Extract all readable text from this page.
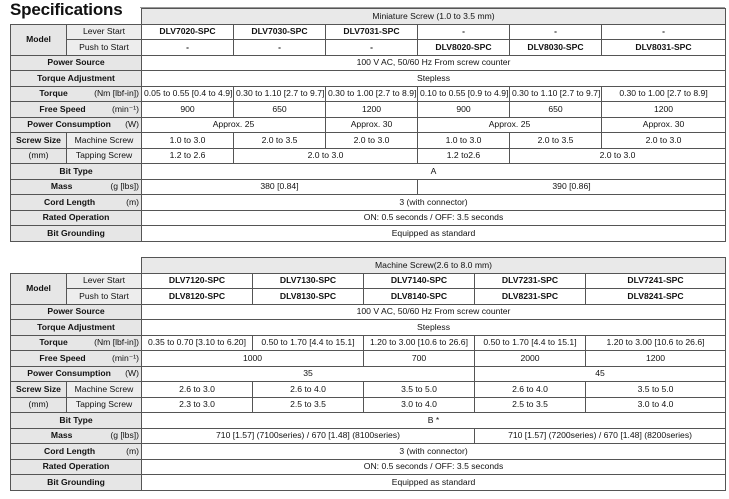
Specifications
		Miniature Screw (1.0 to 3.5 mm)					
Model	Lever Start	DLV7020-SPC	DLV7030-SPC	DLV7031-SPC	-	-	-
	Push to Start	-	-	-	DLV8020-SPC	DLV8030-SPC	DLV8031-SPC
Power Source		100 V AC, 50/60 Hz From screw counter					
Torque Adjustment		Stepless					
Torque (Nm [lbf-in])		0.05 to 0.55 [0.4 to 4.9]	0.30 to 1.10 [2.7 to 9.7]	0.30 to 1.00 [2.7 to 8.9]	0.10 to 0.55 [0.9 to 4.9]	0.30 to 1.10 [2.7 to 9.7]	0.30 to 1.00 [2.7 to 8.9]
Free Speed (min⁻¹)		900	650	1200	900	650	1200
Power Consumption (W)		Approx. 25		Approx. 30	Approx. 25		Approx. 30
Screw Size	Machine Screw	1.0 to 3.0	2.0 to 3.5	2.0 to 3.0	1.0 to 3.0	2.0 to 3.5	2.0 to 3.0
(mm)	Tapping Screw	1.2 to 2.6	2.0 to 3.0		1.2 to2.6	2.0 to 3.0	
Bit Type		A					
Mass (g [lbs])		380 [0.84]			390 [0.86]		
Cord Length (m)		3 (with connector)					
Rated Operation		ON: 0.5 seconds / OFF: 3.5 seconds					
Bit Grounding		Equipped as standard					
		Machine Screw(2.6 to 8.0 mm)				
Model	Lever Start	DLV7120-SPC	DLV7130-SPC	DLV7140-SPC	DLV7231-SPC	DLV7241-SPC
	Push to Start	DLV8120-SPC	DLV8130-SPC	DLV8140-SPC	DLV8231-SPC	DLV8241-SPC
Power Source		100 V AC, 50/60 Hz From screw counter				
Torque Adjustment		Stepless				
Torque (Nm [lbf-in])		0.35 to 0.70 [3.10 to 6.20]	0.50 to 1.70 [4.4 to 15.1]	1.20 to 3.00 [10.6 to 26.6]	0.50 to 1.70 [4.4 to 15.1]	1.20 to 3.00 [10.6 to 26.6]
Free Speed (min⁻¹)		1000		700	2000	1200
Power Consumption (W)		35			45	
Screw Size	Machine Screw	2.6 to 3.0	2.6 to 4.0	3.5 to 5.0	2.6 to 4.0	3.5 to 5.0
(mm)	Tapping Screw	2.3 to 3.0	2.5 to 3.5	3.0 to 4.0	2.5 to 3.5	3.0 to 4.0
Bit Type		B *				
Mass (g [lbs])		710 [1.57] (7100series) / 670 [1.48] (8100series)			710 [1.57] (7200series) / 670 [1.48] (8200series)	
Cord Length (m)		3 (with connector)				
Rated Operation		ON: 0.5 seconds / OFF: 3.5 seconds				
Bit Grounding		Equipped as standard				
